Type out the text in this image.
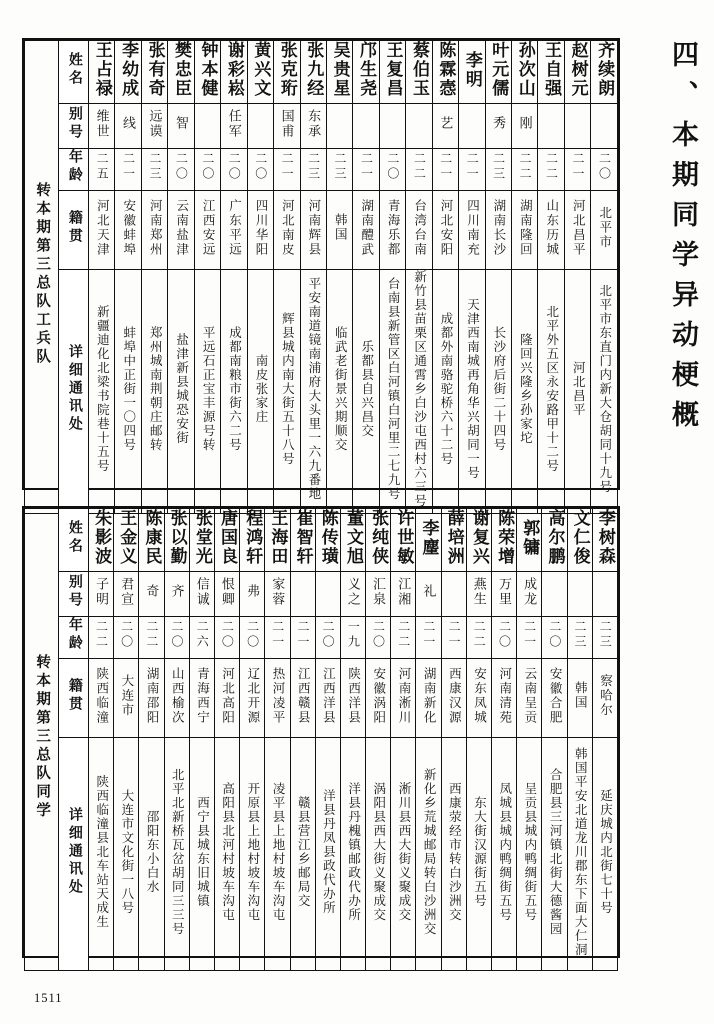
四、本期同学异动梗概
转本期第三总队工兵队	姓名	王占禄	李幼成	张有奇	樊忠臣	钟本健	谢彩崧	黄兴文	张克珩	张九经	吴贵星	邝生尧	王复昌	蔡伯玉	陈霖悫	李明	叶元儒	孙次山	王自强	赵树元	齐续朗
	别号	维世	线	远谟	智		任军		国甫	东承					艺		秀	刚			
	年龄	二五	二一	二三	二〇	二〇	二〇	二〇	二一	二三	二三	二一	二〇	二二	二一	二一	二三	二二	二二	二一	二〇
	籍贯	河北天津	安徽蚌埠	河南郑州	云南盐津	江西安远	广东平远	四川华阳	河北南皮	河南辉县	韩国	湖南醴武	青海乐都	台湾台南	河北安阳	四川南充	湖南长沙	湖南隆回	山东历城	河北昌平	北平市
	详细通讯处	新疆迪化北梁书院巷十五号	蚌埠中正街一〇四号	郑州城南荆朝庄邮转	盐津新县城恐安街	平远石正宝丰源号转	成都南粮市街六二号	南皮张家庄	辉县城内南大街五十八号	平安南道镜南浦府大头里一六九番地	临武老街景兴期顺交	乐都县自兴昌交	台南县新管区白河镇白河里二七九号	新竹县苗栗区通霄乡白沙屯西村六三号	成都外南骆驼桥六十二号	天津西南城再角华兴胡同一号	长沙府后街二十四号	隆回兴隆乡孙家坨	北平外五区永安路甲十二号	河北昌平	北平市东直门内新大仓胡同十九号
转本期第三总队同学	姓名	朱影波	王金义	陈康民	张以勤	张堂光	唐国良	程鸿轩	王海田	崔智轩	陈传璜	董文旭	张纯侠	许世敏	李麈	薛培洲	谢复兴	陈荣增	郭镛	高尔鹏	文仁俊	李树森
	别号	子明	君宣	奇	齐	信诚	恨卿	弗	家蓉			义之	汇泉	江湘	礼		燕生	万里	成龙			
	年龄	二二	二〇	二二	二〇	二六	二〇	二〇	二一	二一	二〇	一九	二〇	二二	二一	二一	二二	二〇	二一	二〇	二三	二三
	籍贯	陕西临潼	大连市	湖南邵阳	山西榆次	青海西宁	河北高阳	辽北开源	热河凌平	江西赣县	江西洋县	陕西洋县	安徽涡阳	河南淅川	湖南新化	西康汉源	安东凤城	河南清苑	云南呈贡	安徽合肥	韩国	察哈尔
	详细通讯处	陕西临潼县北车站天成生	大连市文化街一八号	邵阳东小白水	北平北新桥瓦岔胡同三三号	西宁县城东旧城镇	高阳县北河村坡车沟屯	开原县上地村坡车沟屯	凌平县上地村坡车沟屯	赣县营江乡邮局交	洋县丹凤县政代办所	洋县丹槐镇邮政代办所	涡阳县西大街义聚成交	淅川县西大街义聚成交	新化乡荒城邮局转白沙洲交	西康荥经市转白沙洲交	东大街汉源街五号	凤城县城内鸭绸街五号	呈贡县城内鸭绸街五号	合肥县三河镇北街大德酱园	韩国平安北道龙川郡东下面大仁洞	延庆城内北街七十号
1511
